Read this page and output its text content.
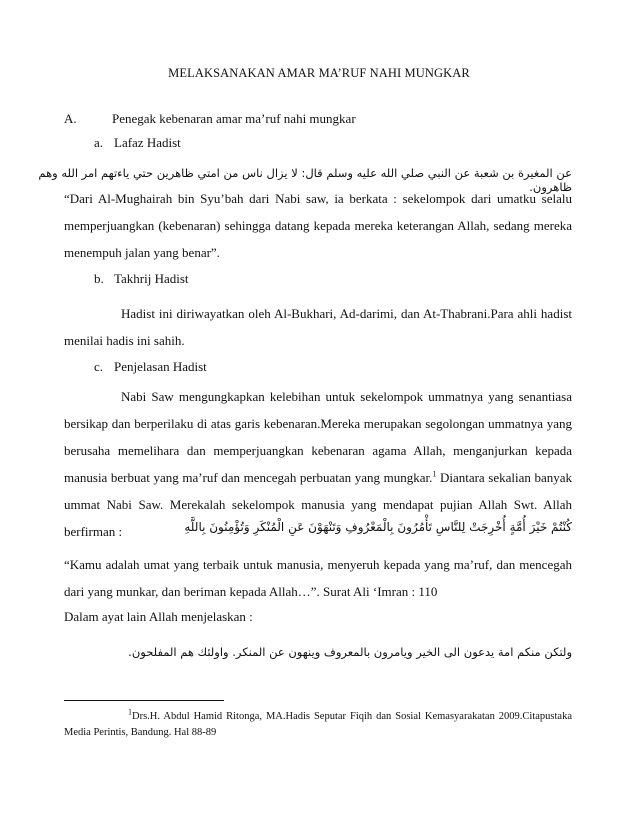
MELAKSANAKAN AMAR MA’RUF NAHI MUNGKAR

A.	Penegak kebenaran amar ma’ruf nahi mungkar

a. Lafaz Hadist

عن المغيرة بن شعبة عن النبي صلي الله عليه وسلم قال: لا يزال ناس من امتي ظاهرين حتي ياءتهم امر الله وهم ظاهرون.

“Dari Al-Mughairah bin Syu’bah dari Nabi saw, ia berkata : sekelompok dari umatku selalu memperjuangkan (kebenaran) sehingga datang kepada mereka keterangan Allah, sedang mereka menempuh jalan yang benar”.

b. Takhrij Hadist

Hadist ini diriwayatkan oleh Al-Bukhari, Ad-darimi, dan At-Thabrani.Para ahli hadist menilai hadis ini sahih.

c. Penjelasan Hadist

Nabi Saw mengungkapkan kelebihan untuk sekelompok ummatnya yang senantiasa bersikap dan berperilaku di atas garis kebenaran.Mereka merupakan segolongan ummatnya yang berusaha memelihara dan memperjuangkan kebenaran agama Allah, menganjurkan kepada manusia berbuat yang ma’ruf dan mencegah perbuatan yang mungkar.$^1$ Diantara sekalian banyak ummat Nabi Saw. Merekalah sekelompok manusia yang mendapat pujian Allah Swt. Allah berfirman :	كُنْتُمْ خَيْرَ أُمَّةٍ أُخْرِجَتْ لِلنَّاسِ تَأْمُرُونَ بِالْمَعْرُوفِ وَتَنْهَوْنَ عَنِ الْمُنْكَرِ وَتُؤْمِنُونَ بِاللَّهِ

“Kamu adalah umat yang terbaik untuk manusia, menyeruh kepada yang ma’ruf, dan mencegah dari yang munkar, dan beriman kepada Allah…”. Surat Ali ‘Imran : 110

Dalam ayat lain Allah menjelaskan :

ولتكن منكم امة يدعون الى الخير ويامرون بالمعروف وينهون عن المنكر. واولئك هم المفلحون.

$^1$Drs.H. Abdul Hamid Ritonga, MA.Hadis Seputar Fiqih dan Sosial Kemasyarakatan 2009.Citapustaka Media Perintis, Bandung. Hal 88-89
